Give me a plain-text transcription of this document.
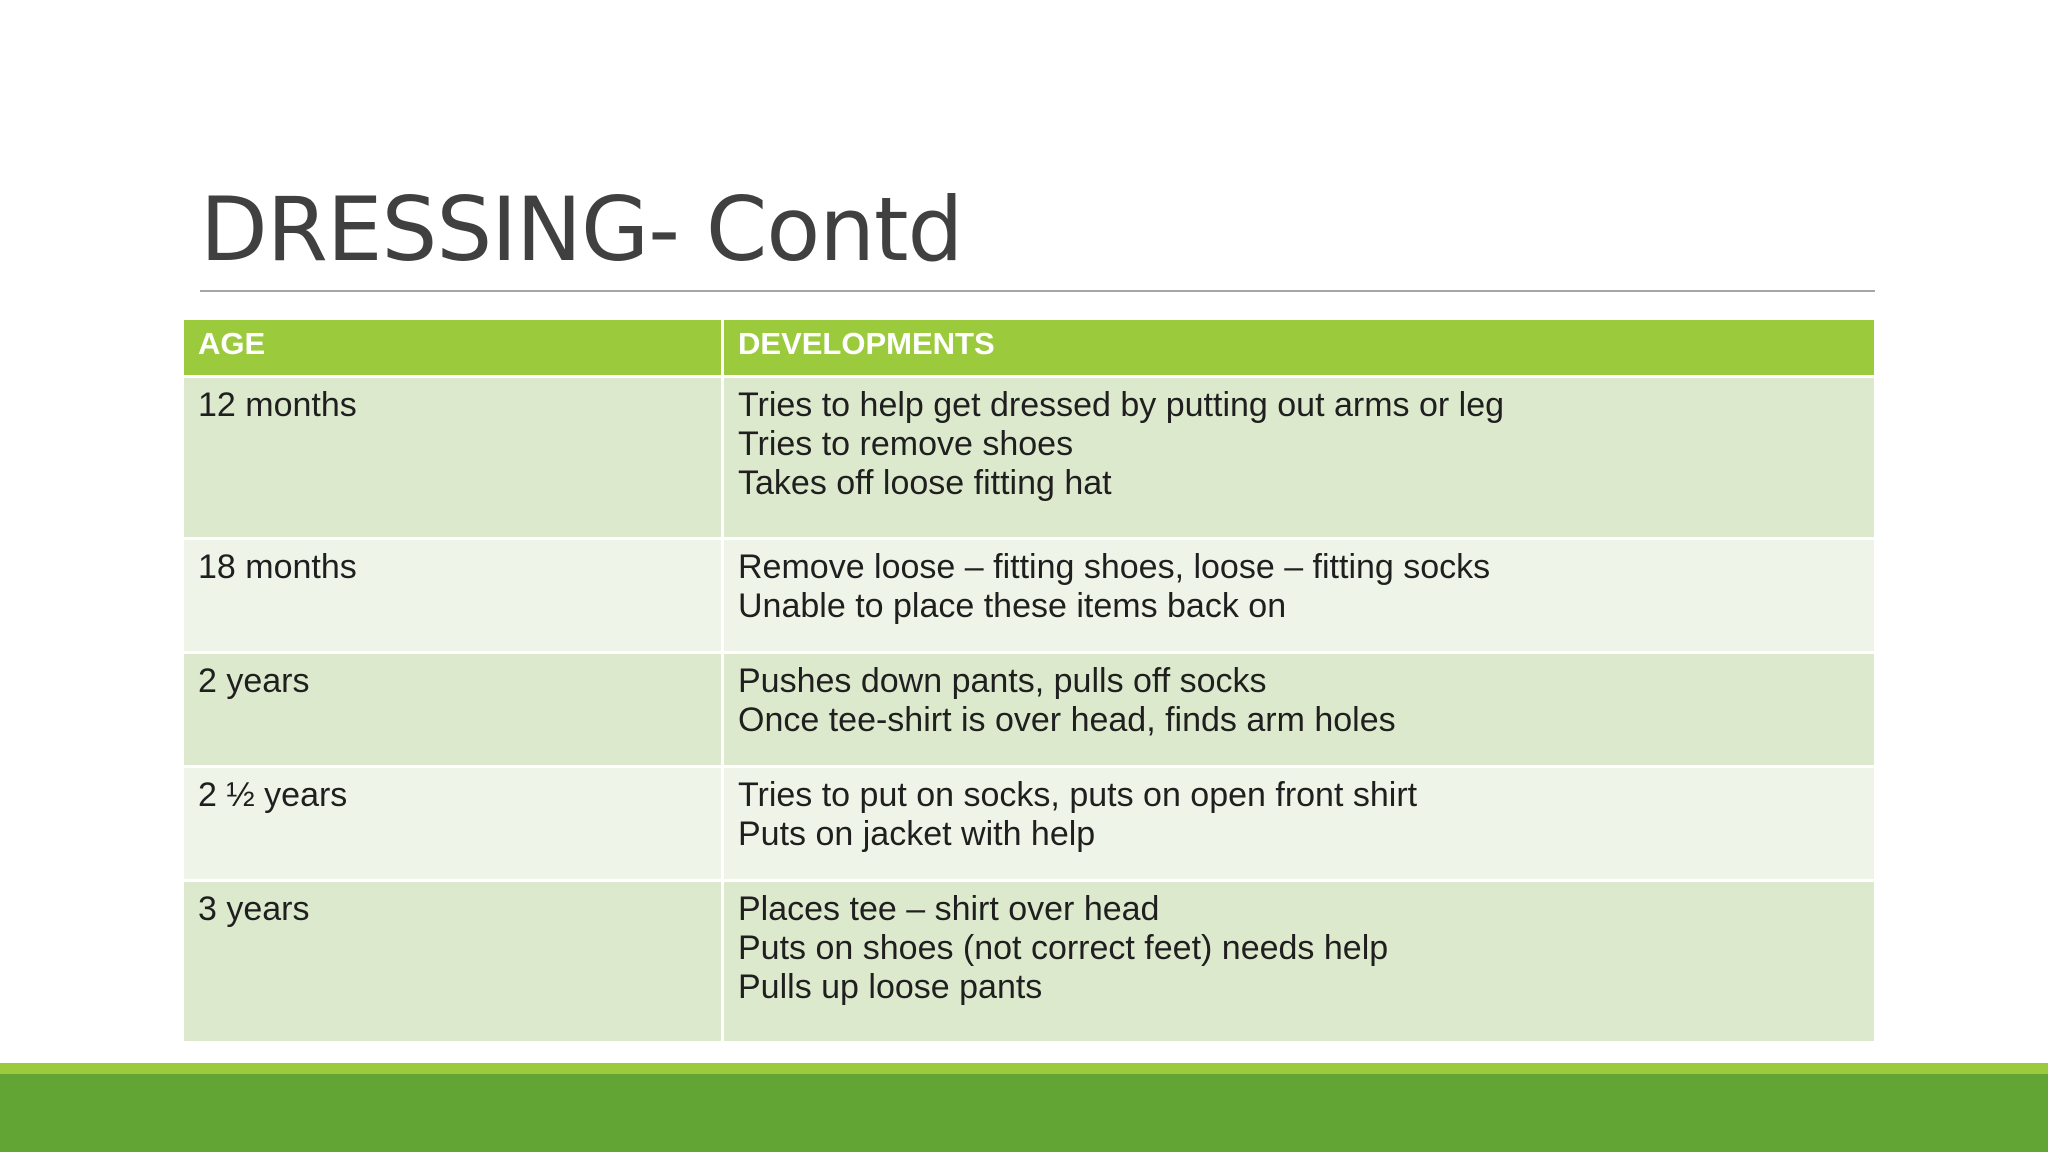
DRESSING- Contd
AGE	DEVELOPMENTS
12 months	Tries to help get dressed by putting out arms or leg
Tries to remove shoes
Takes off loose fitting hat

18 months	Remove loose – fitting shoes, loose – fitting socks
Unable to place these items back on

2 years	Pushes down pants, pulls off socks
Once tee-shirt is over head, finds arm holes

2 ½ years	Tries to put on socks, puts on open front shirt
Puts on jacket with help

3 years	Places tee – shirt over head
Puts on shoes (not correct feet) needs help
Pulls up loose pants
